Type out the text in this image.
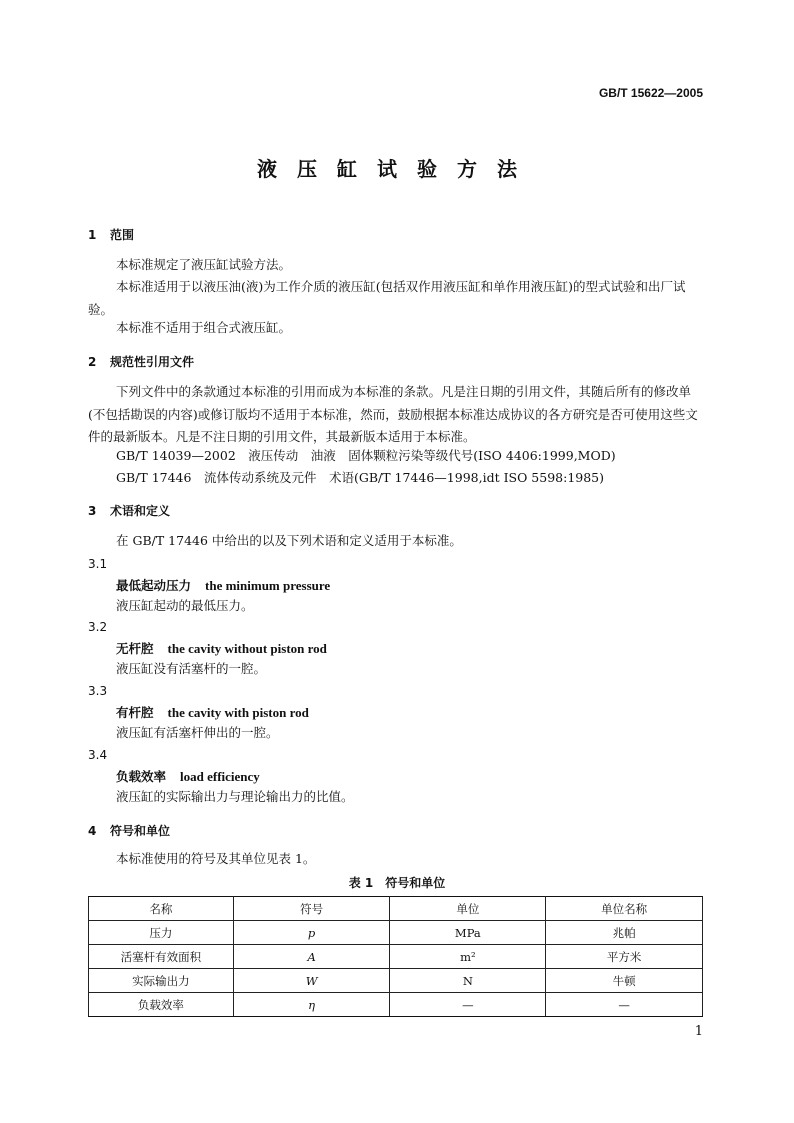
GB/T 15622—2005
液压缸试验方法
1 范围
本标准规定了液压缸试验方法。
本标准适用于以液压油(液)为工作介质的液压缸(包括双作用液压缸和单作用液压缸)的型式试验和出厂试验。
本标准不适用于组合式液压缸。
2 规范性引用文件
下列文件中的条款通过本标准的引用而成为本标准的条款。凡是注日期的引用文件，其随后所有的修改单(不包括勘误的内容)或修订版均不适用于本标准，然而，鼓励根据本标准达成协议的各方研究是否可使用这些文件的最新版本。凡是不注日期的引用文件，其最新版本适用于本标准。
GB/T 14039—2002　液压传动　油液　固体颗粒污染等级代号(ISO 4406:1999,MOD)
GB/T 17446　流体传动系统及元件　术语(GB/T 17446—1998,idt ISO 5598:1985)
3 术语和定义
在 GB/T 17446 中给出的以及下列术语和定义适用于本标准。
3.1
最低起动压力 the minimum pressure
液压缸起动的最低压力。
3.2
无杆腔 the cavity without piston rod
液压缸没有活塞杆的一腔。
3.3
有杆腔 the cavity with piston rod
液压缸有活塞杆伸出的一腔。
3.4
负载效率 load efficiency
液压缸的实际输出力与理论输出力的比值。
4 符号和单位
本标准使用的符号及其单位见表 1。
表 1 符号和单位
名称	符号	单位	单位名称
压力	p	MPa	兆帕
活塞杆有效面积	A	m²	平方米
实际输出力	W	N	牛顿
负载效率	η	—	—
1
